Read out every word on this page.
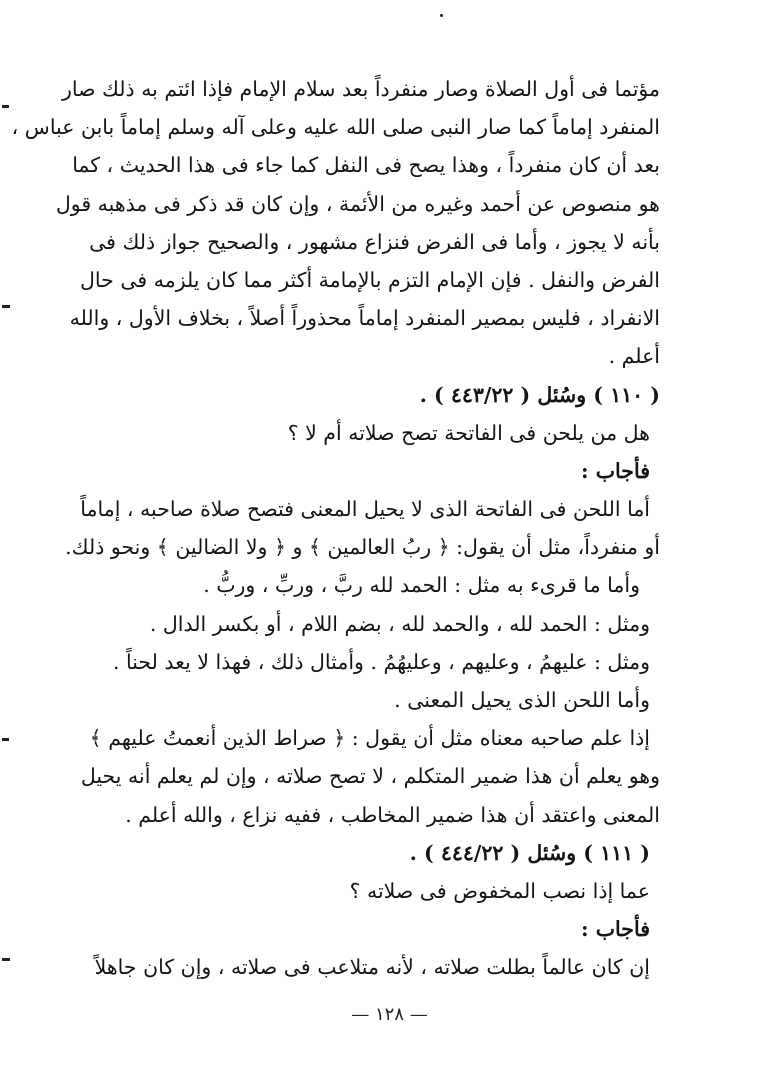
مؤتما فى أول الصلاة وصار منفرداً بعد سلام الإمام فإذا ائتم به ذلك صار
المنفرد إماماً كما صار النبى صلى الله عليه وعلى آله وسلم إماماً بابن عباس ،
بعد أن كان منفرداً ، وهذا يصح فى النفل كما جاء فى هذا الحديث ، كما
هو منصوص عن أحمد وغيره من الأئمة ، وإن كان قد ذكر فى مذهبه قول
بأنه لا يجوز ، وأما فى الفرض فنزاع مشهور ، والصحيح جواز ذلك فى
الفرض والنفل . فإن الإمام التزم بالإمامة أكثر مما كان يلزمه فى حال
الانفراد ، فليس بمصير المنفرد إماماً محذوراً أصلاً ، بخلاف الأول ، والله
أعلم .
( ١١٠ ) وسُئل ( ٤٤٣/٢٢ ) .
هل من يلحن فى الفاتحة تصح صلاته أم لا ؟
فأجاب :
أما اللحن فى الفاتحة الذى لا يحيل المعنى فتصح صلاة صاحبه ، إماماً
أو منفرداً، مثل أن يقول: ﴿ ربُ العالمين ﴾ و ﴿ ولا الضالين ﴾ ونحو ذلك.
وأما ما قرىء به مثل : الحمد لله ربَّ ، وربِّ ، وربُّ .
ومثل : الحمد لله ، والحمد لله ، بضم اللام ، أو بكسر الدال .
ومثل : عليهمُ ، وعليهم ، وعليهُمُ . وأمثال ذلك ، فهذا لا يعد لحناً .
وأما اللحن الذى يحيل المعنى .
إذا علم صاحبه معناه مثل أن يقول : ﴿ صراط الذين أنعمتُ عليهم ﴾
وهو يعلم أن هذا ضمير المتكلم ، لا تصح صلاته ، وإن لم يعلم أنه يحيل
المعنى واعتقد أن هذا ضمير المخاطب ، ففيه نزاع ، والله أعلم .
( ١١١ ) وسُئل ( ٤٤٤/٢٢ ) .
عما إذا نصب المخفوض فى صلاته ؟
فأجاب :
إن كان عالماً بطلت صلاته ، لأنه متلاعب فى صلاته ، وإن كان جاهلاً
— ١٢٨ —
